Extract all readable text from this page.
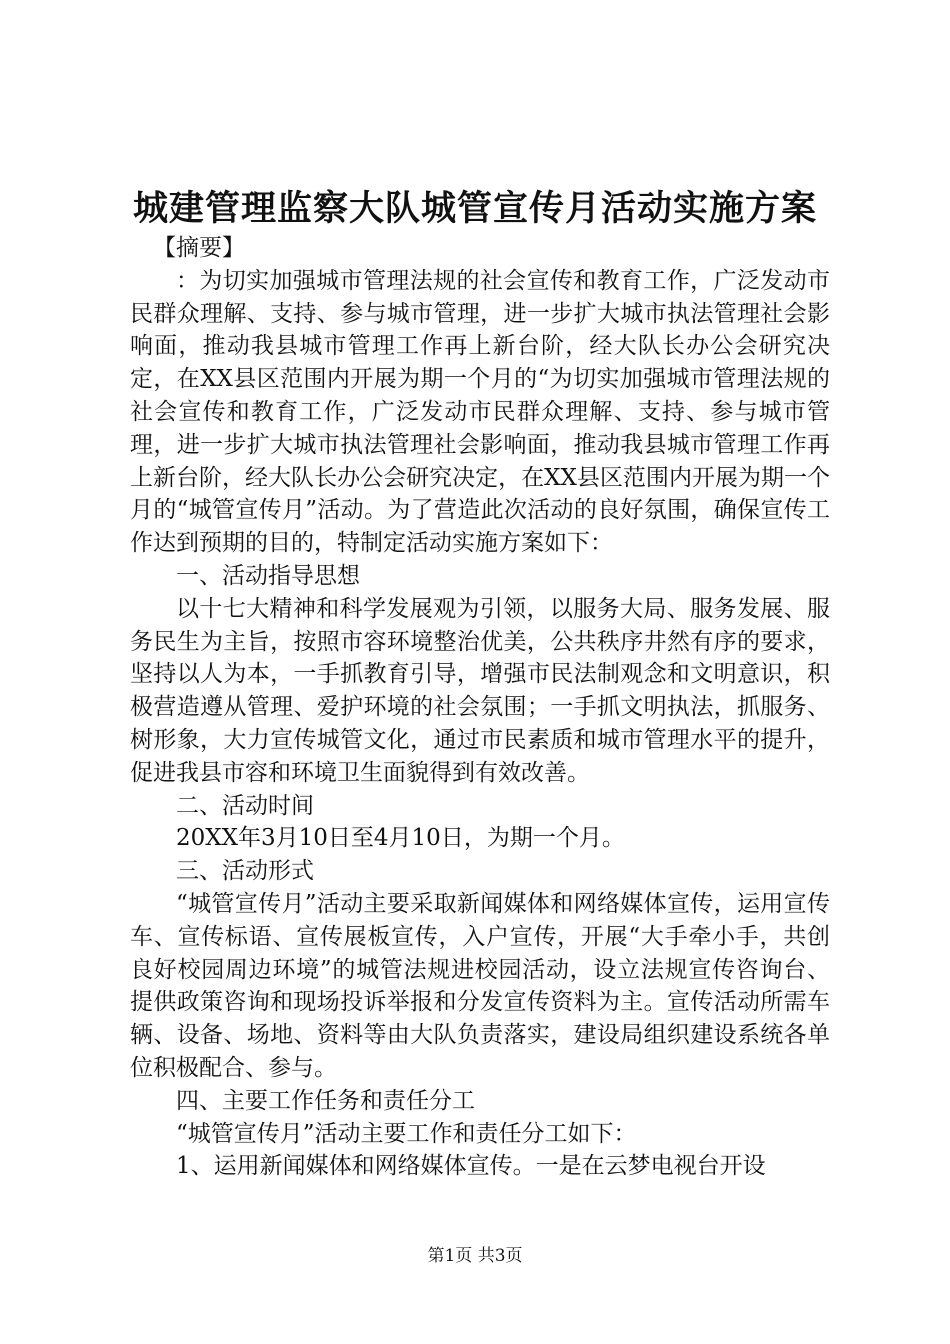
城建管理监察大队城管宣传月活动实施方案

【摘要】

：为切实加强城市管理法规的社会宣传和教育工作，广泛发动市民群众理解、支持、参与城市管理，进一步扩大城市执法管理社会影响面，推动我县城市管理工作再上新台阶，经大队长办公会研究决定，在XX县区范围内开展为期一个月的“为切实加强城市管理法规的社会宣传和教育工作，广泛发动市民群众理解、支持、参与城市管理，进一步扩大城市执法管理社会影响面，推动我县城市管理工作再上新台阶，经大队长办公会研究决定，在XX县区范围内开展为期一个月的“城管宣传月”活动。为了营造此次活动的良好氛围，确保宣传工作达到预期的目的，特制定活动实施方案如下：

一、活动指导思想

以十七大精神和科学发展观为引领，以服务大局、服务发展、服务民生为主旨，按照市容环境整治优美，公共秩序井然有序的要求，坚持以人为本，一手抓教育引导，增强市民法制观念和文明意识，积极营造遵从管理、爱护环境的社会氛围；一手抓文明执法，抓服务、树形象，大力宣传城管文化，通过市民素质和城市管理水平的提升，促进我县市容和环境卫生面貌得到有效改善。

二、活动时间

20XX年3月10日至4月10日，为期一个月。

三、活动形式

“城管宣传月”活动主要采取新闻媒体和网络媒体宣传，运用宣传车、宣传标语、宣传展板宣传，入户宣传，开展“大手牵小手，共创良好校园周边环境”的城管法规进校园活动，设立法规宣传咨询台、提供政策咨询和现场投诉举报和分发宣传资料为主。宣传活动所需车辆、设备、场地、资料等由大队负责落实，建设局组织建设系统各单位积极配合、参与。

四、主要工作任务和责任分工

“城管宣传月”活动主要工作和责任分工如下：

1、运用新闻媒体和网络媒体宣传。一是在云梦电视台开设

第1页 共3页
